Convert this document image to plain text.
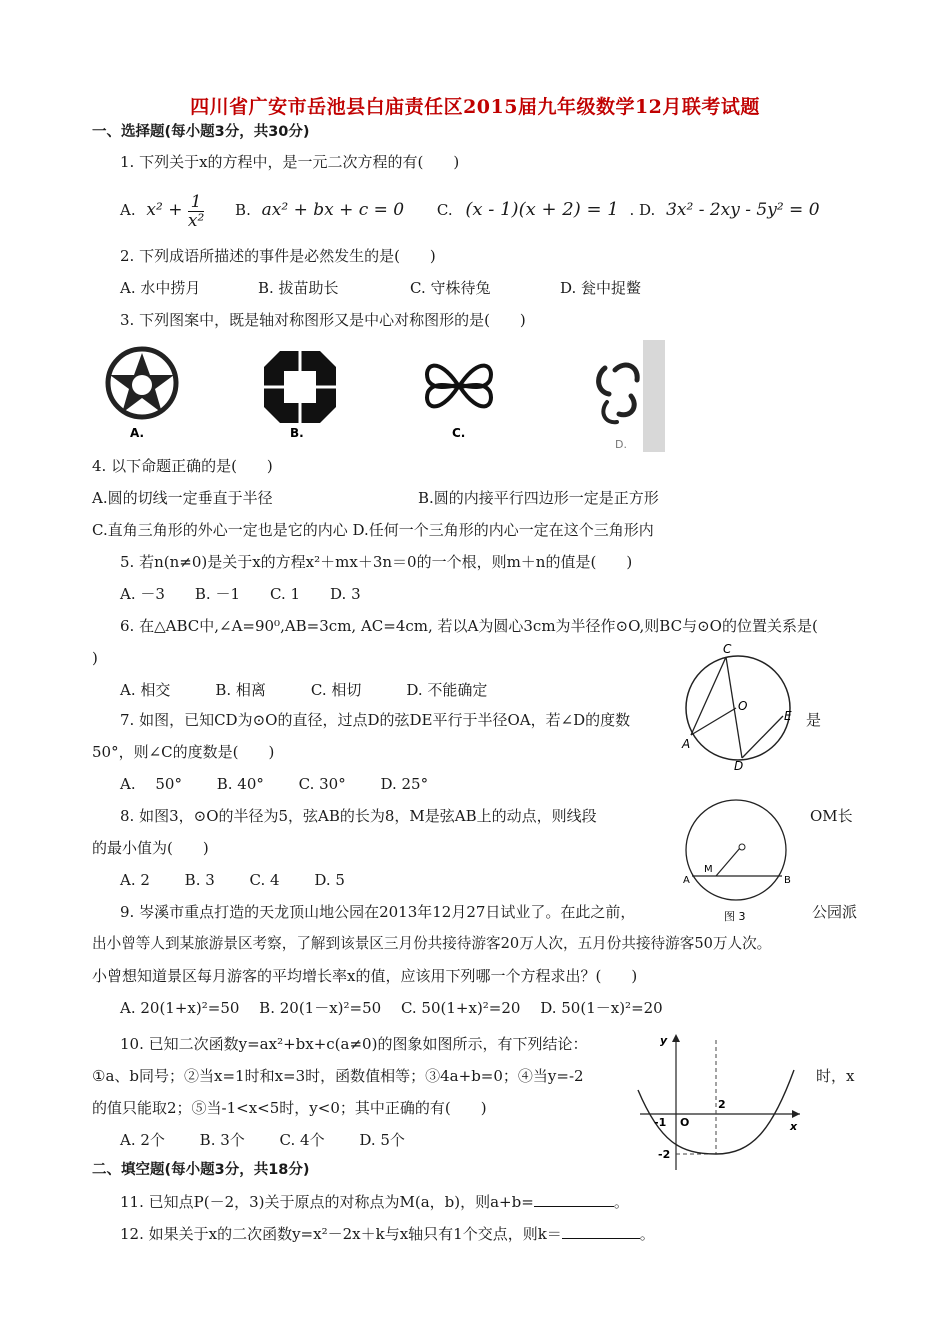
四川省广安市岳池县白庙责任区2015届九年级数学12月联考试题
一、选择题(每小题3分，共30分)
1. 下列关于x的方程中，是一元二次方程的有(　　)
A. $x^2 + \frac{1}{\text{x²}} B$. ax² + bx + c = 0 C. (x - 1)(x + 2) = 1 . D. 3x² - 2xy - 5y² = 0
2. 下列成语所描述的事件是必然发生的是(　　)
A. 水中捞月	B. 拔苗助长	C. 守株待兔	D. 瓮中捉鳖
3. 下列图案中，既是轴对称图形又是中心对称图形的是(　　)
A.	B.	C.
D.
4. 以下命题正确的是(　　)
A.圆的切线一定垂直于半径	B.圆的内接平行四边形一定是正方形
C.直角三角形的外心一定也是它的内心 D.任何一个三角形的内心一定在这个三角形内
5. 若n(n≠0)是关于x的方程x²＋mx＋3n＝0的一个根，则m＋n的值是(　　)
A. －3　　B. －1　　C. 1　　D. 3
6. 在△ABC中,∠A=90⁰,AB=3cm, AC=4cm, 若以A为圆心3cm为半径作⊙O,则BC与⊙O的位置关系是(
)
A. 相交　　　B. 相离　　　C. 相切　　　D. 不能确定
C
O
E
A
D
7. 如图，已知CD为⊙O的直径，过点D的弦DE平行于半径OA，若∠D的度数	是
50°，则∠C的度数是(　　)
A.　 50°　　 B. 40°　　 C. 30°　　 D. 25°
A
M
B
图 3
8. 如图3，⊙O的半径为5，弦AB的长为8，M是弦AB上的动点，则线段	OM长
的最小值为(　　)
A. 2　　 B. 3　　 C. 4　　 D. 5
9. 岑溪市重点打造的天龙顶山地公园在2013年12月27日试业了。在此之前，	公园派
出小曾等人到某旅游景区考察，了解到该景区三月份共接待游客20万人次，五月份共接待游客50万人次。
小曾想知道景区每月游客的平均增长率x的值，应该用下列哪一个方程求出？(　　)
A. 20(1+x)²=50　 B. 20(1－x)²=50　 C. 50(1+x)²=20　 D. 50(1－x)²=20
y
x
-1 O
2
-2
10. 已知二次函数y=ax²+bx+c(a≠0)的图象如图所示，有下列结论：
①a、b同号；②当x=1时和x=3时，函数值相等；③4a+b=0；④当y=-2	时，x
的值只能取2；⑤当-1<x<5时，y<0；其中正确的有(　　)
A. 2个　　 B. 3个　　 C. 4个　　 D. 5个
二、填空题(每小题3分，共18分)
11. 已知点P(－2，3)关于原点的对称点为M(a，b)，则a+b=	。
12. 如果关于x的二次函数y=x²－2x＋k与x轴只有1个交点，则k＝	。
